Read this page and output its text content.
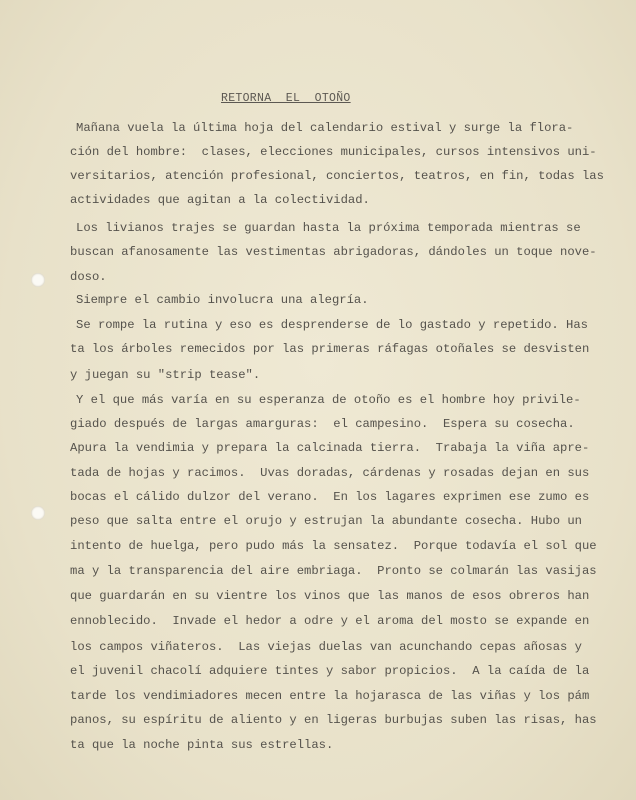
RETORNA  EL  OTOÑO
Mañana vuela la última hoja del calendario estival y surge la flora-
ción del hombre:  clases, elecciones municipales, cursos intensivos uni-
versitarios, atención profesional, conciertos, teatros, en fin, todas las
actividades que agitan a la colectividad.
Los livianos trajes se guardan hasta la próxima temporada mientras se
buscan afanosamente las vestimentas abrigadoras, dándoles un toque nove-
doso.
Siempre el cambio involucra una alegría.
Se rompe la rutina y eso es desprenderse de lo gastado y repetido. Has
ta los árboles remecidos por las primeras ráfagas otoñales se desvisten
y juegan su "strip tease".
Y el que más varía en su esperanza de otoño es el hombre hoy privile-
giado después de largas amarguras:  el campesino.  Espera su cosecha.
Apura la vendimia y prepara la calcinada tierra.  Trabaja la viña apre-
tada de hojas y racimos.  Uvas doradas, cárdenas y rosadas dejan en sus
bocas el cálido dulzor del verano.  En los lagares exprimen ese zumo es
peso que salta entre el orujo y estrujan la abundante cosecha. Hubo un
intento de huelga, pero pudo más la sensatez.  Porque todavía el sol que
ma y la transparencia del aire embriaga.  Pronto se colmarán las vasijas
que guardarán en su vientre los vinos que las manos de esos obreros han
ennoblecido.  Invade el hedor a odre y el aroma del mosto se expande en
los campos viñateros.  Las viejas duelas van acunchando cepas añosas y
el juvenil chacolí adquiere tintes y sabor propicios.  A la caída de la
tarde los vendimiadores mecen entre la hojarasca de las viñas y los pám
panos, su espíritu de aliento y en ligeras burbujas suben las risas, has
ta que la noche pinta sus estrellas.
